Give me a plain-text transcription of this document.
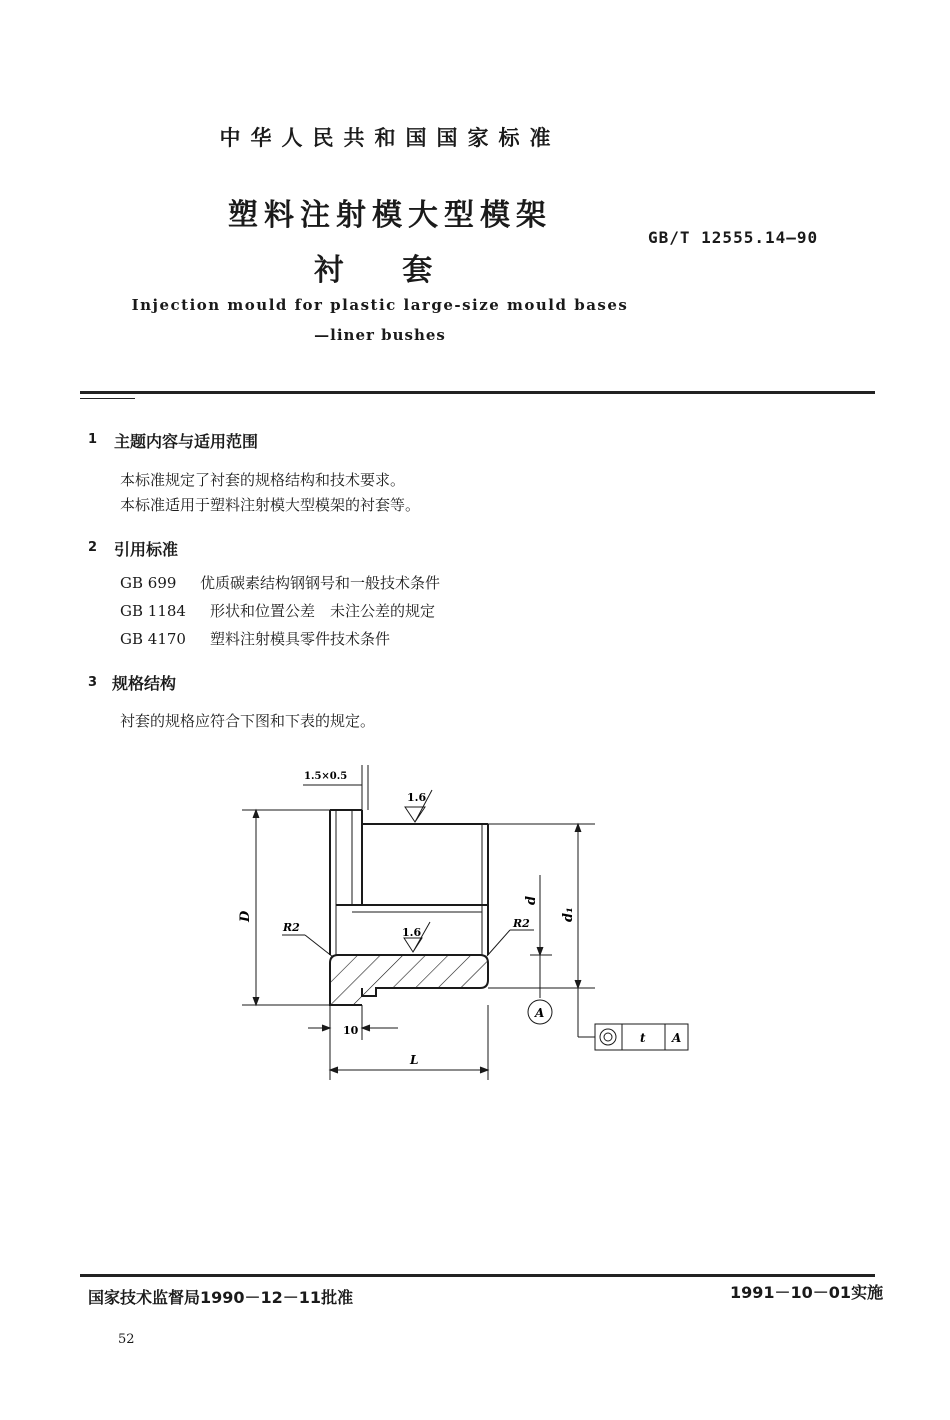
中华人民共和国国家标准
塑料注射模大型模架
衬 套
GB/T 12555.14—90
Injection mould for plastic large-size mould bases
—liner bushes
1 主题内容与适用范围
本标准规定了衬套的规格结构和技术要求。
本标准适用于塑料注射模大型模架的衬套等。
2 引用标准
GB 699 优质碳素结构钢钢号和一般技术条件
GB 1184 形状和位置公差　未注公差的规定
GB 4170 塑料注射模具零件技术条件
3 规格结构
衬套的规格应符合下图和下表的规定。
1.5×0.5
1.6
1.6
R2	R2
D
d
d₁
10
L
A
t A
国家技术监督局1990－12－11批准	1991－10－01实施
52
